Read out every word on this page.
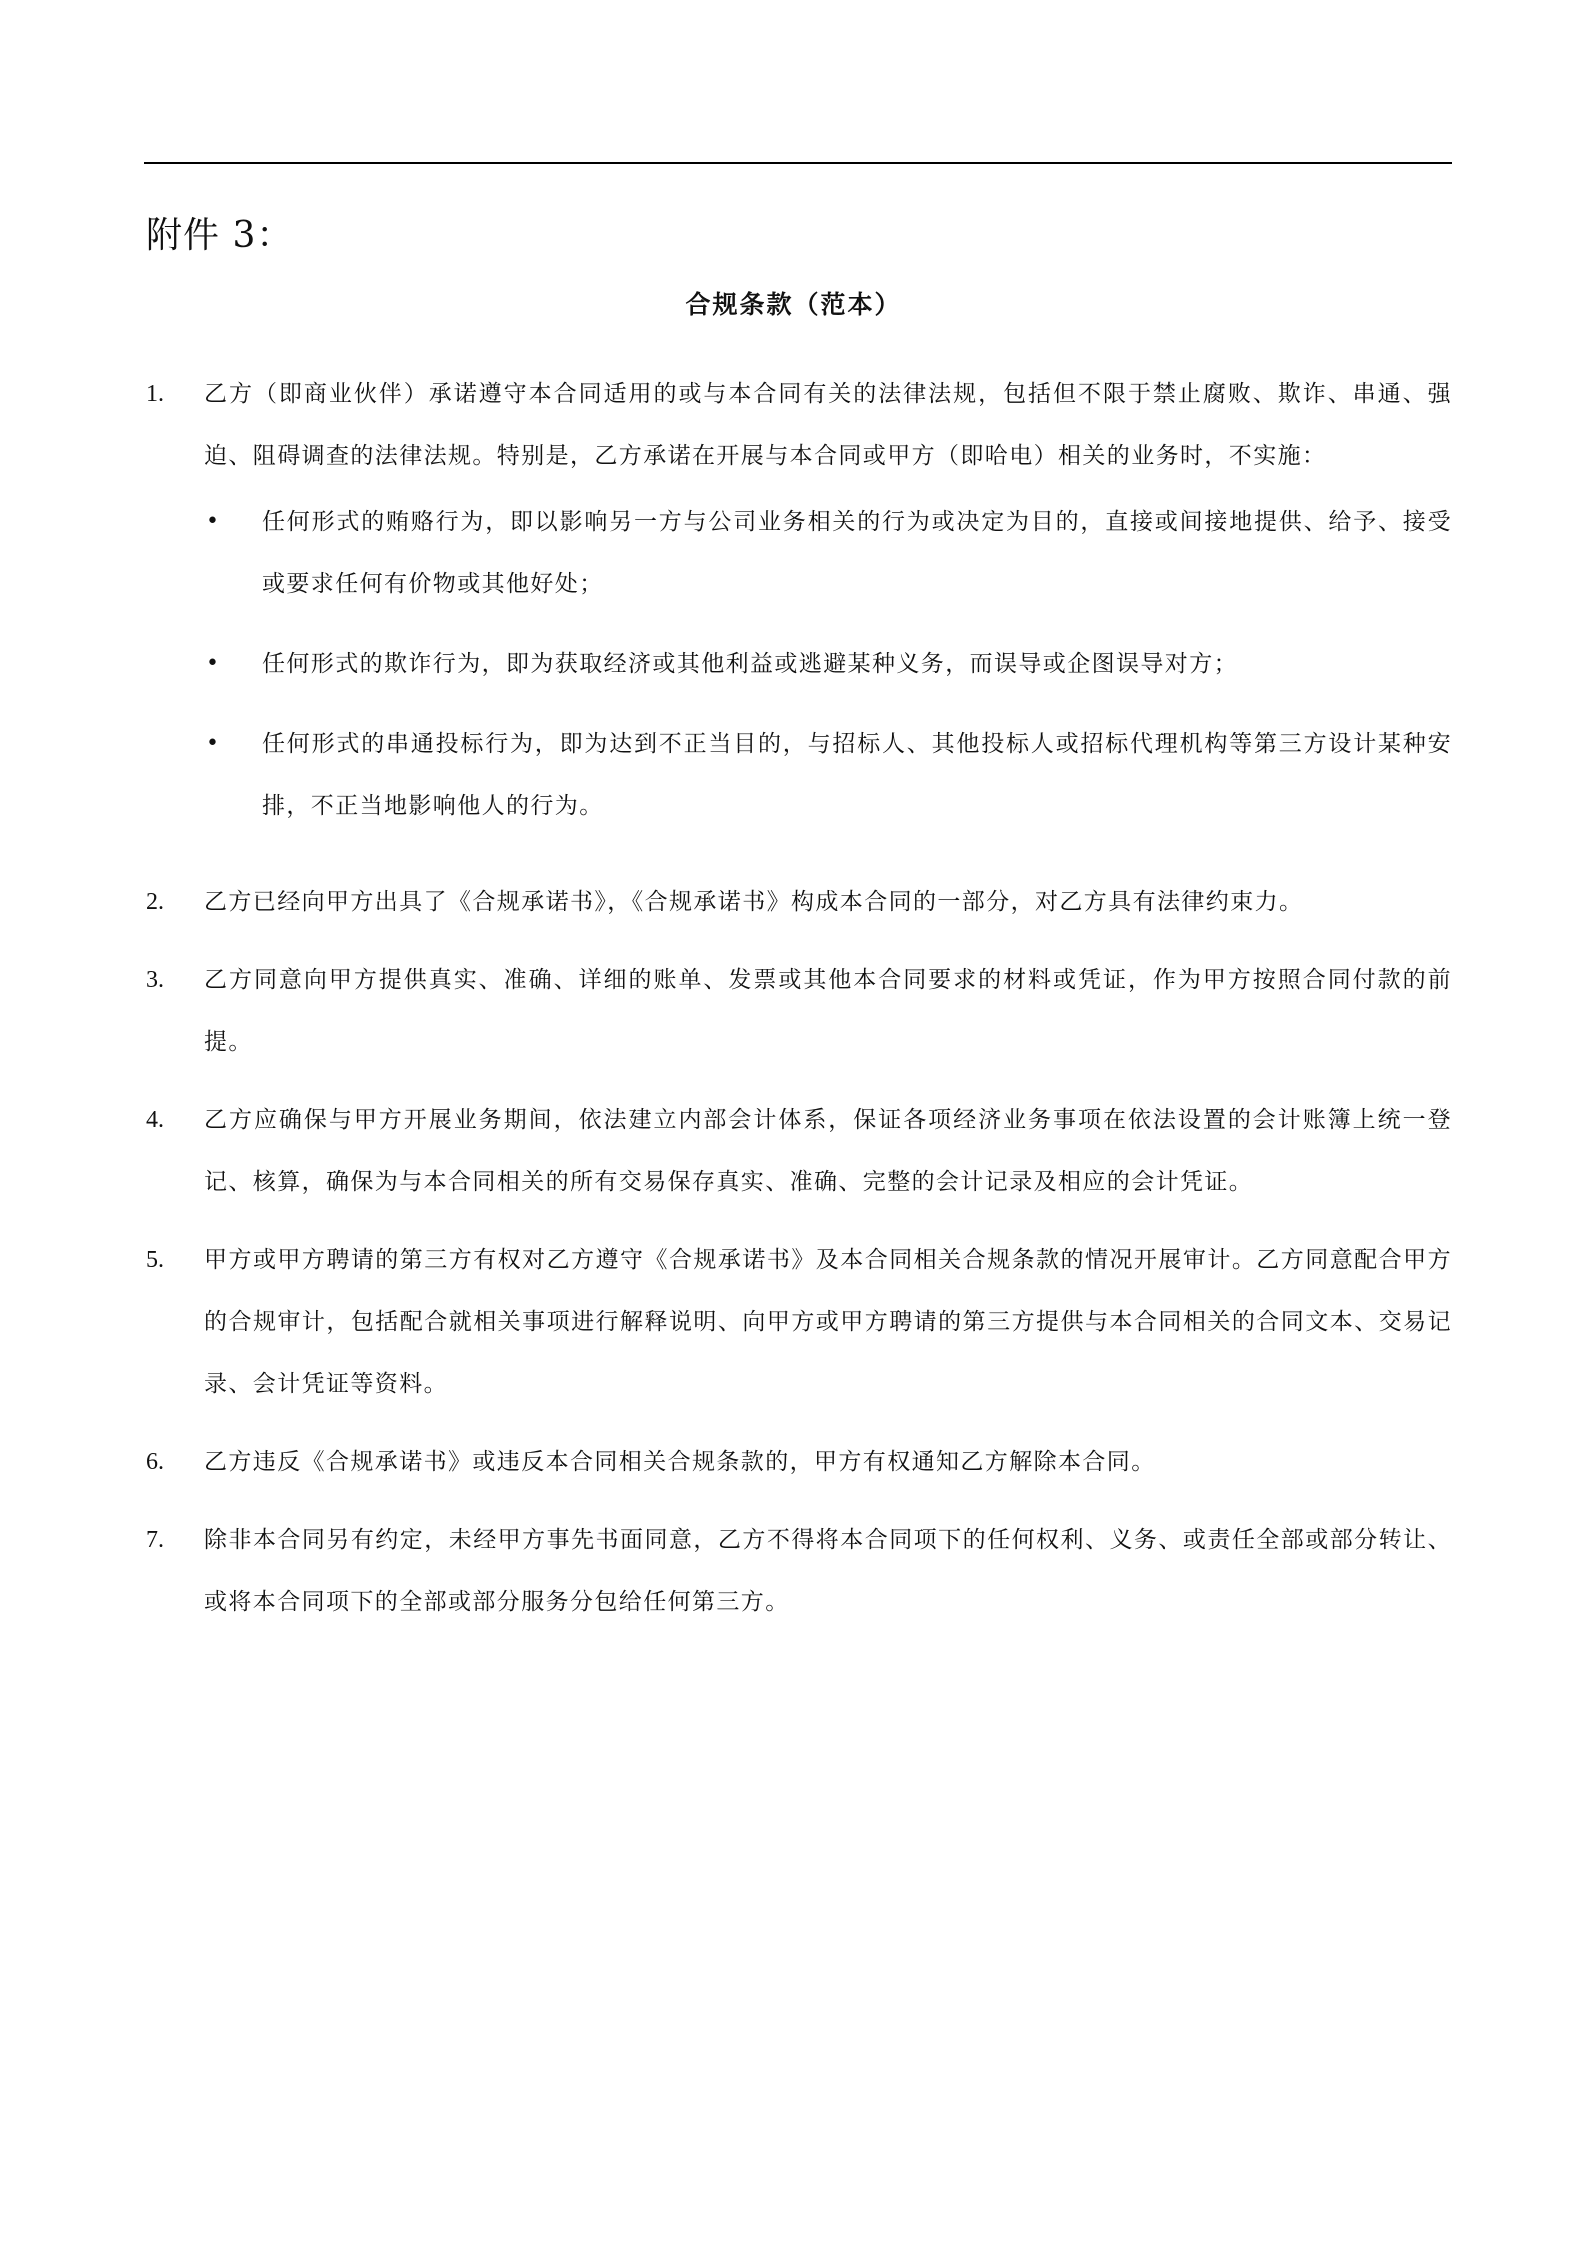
附件 3：
合规条款（范本）
1.	乙方（即商业伙伴）承诺遵守本合同适用的或与本合同有关的法律法规，包括但不限于禁止腐败、欺诈、串通、强迫、阻碍调查的法律法规。特别是，乙方承诺在开展与本合同或甲方（即哈电）相关的业务时，不实施：
•	任何形式的贿赂行为，即以影响另一方与公司业务相关的行为或决定为目的，直接或间接地提供、给予、接受或要求任何有价物或其他好处；
•	任何形式的欺诈行为，即为获取经济或其他利益或逃避某种义务，而误导或企图误导对方；
•	任何形式的串通投标行为，即为达到不正当目的，与招标人、其他投标人或招标代理机构等第三方设计某种安排，不正当地影响他人的行为。
2.	乙方已经向甲方出具了《合规承诺书》，《合规承诺书》构成本合同的一部分，对乙方具有法律约束力。
3.	乙方同意向甲方提供真实、准确、详细的账单、发票或其他本合同要求的材料或凭证，作为甲方按照合同付款的前提。
4.	乙方应确保与甲方开展业务期间，依法建立内部会计体系，保证各项经济业务事项在依法设置的会计账簿上统一登记、核算，确保为与本合同相关的所有交易保存真实、准确、完整的会计记录及相应的会计凭证。
5.	甲方或甲方聘请的第三方有权对乙方遵守《合规承诺书》及本合同相关合规条款的情况开展审计。乙方同意配合甲方的合规审计，包括配合就相关事项进行解释说明、向甲方或甲方聘请的第三方提供与本合同相关的合同文本、交易记录、会计凭证等资料。
6.	乙方违反《合规承诺书》或违反本合同相关合规条款的，甲方有权通知乙方解除本合同。
7.	除非本合同另有约定，未经甲方事先书面同意，乙方不得将本合同项下的任何权利、义务、或责任全部或部分转让、或将本合同项下的全部或部分服务分包给任何第三方。
